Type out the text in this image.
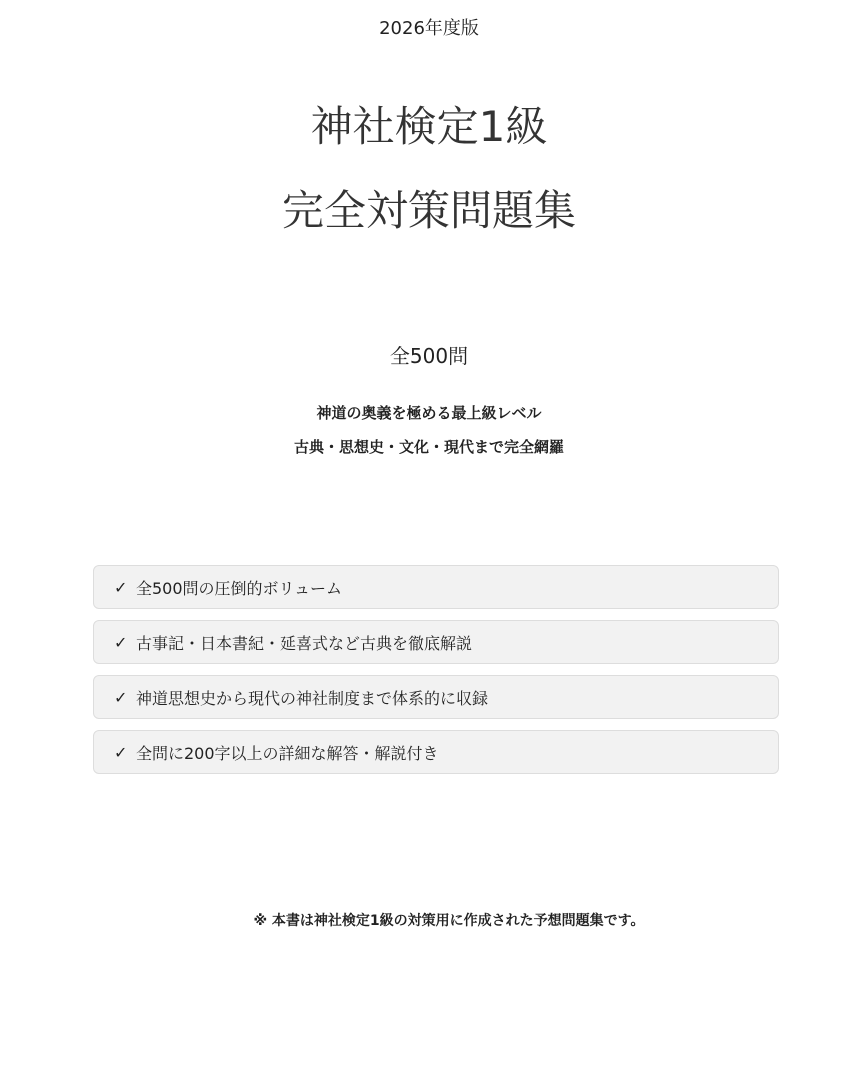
2026年度版
神社検定1級
完全対策問題集
全500問
神道の奥義を極める最上級レベル
古典・思想史・文化・現代まで完全網羅
✓ 全500問の圧倒的ボリューム
✓ 古事記・日本書紀・延喜式など古典を徹底解説
✓ 神道思想史から現代の神社制度まで体系的に収録
✓ 全問に200字以上の詳細な解答・解説付き
※ 本書は神社検定1級の対策用に作成された予想問題集です。
